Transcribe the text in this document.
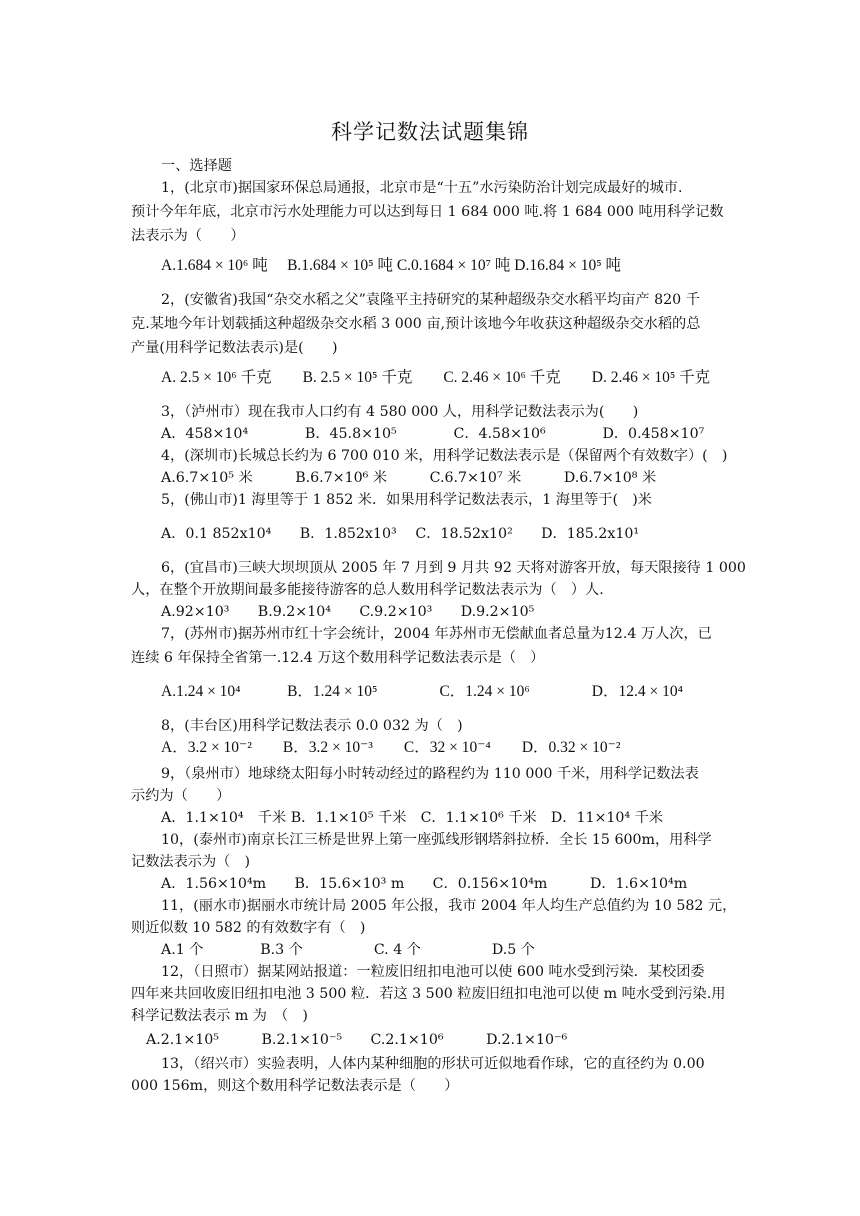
科学记数法试题集锦
一、选择题
1，(北京市)据国家环保总局通报，北京市是“十五”水污染防治计划完成最好的城市.
预计今年年底，北京市污水处理能力可以达到每日 1 684 000 吨.将 1 684 000 吨用科学记数
法表示为（　　）
A.1.684 × 10⁶ 吨　 B.1.684 × 10⁵ 吨 C.0.1684 × 10⁷ 吨 D.16.84 × 10⁵ 吨
2，(安徽省)我国“杂交水稻之父”袁隆平主持研究的某种超级杂交水稻平均亩产 820 千
克.某地今年计划载插这种超级杂交水稻 3 000 亩,预计该地今年收获这种超级杂交水稻的总
产量(用科学记数法表示)是(　　)
A. 2.5 × 10⁶ 千克　　B. 2.5 × 10⁵ 千克　　C. 2.46 × 10⁶ 千克　　D. 2.46 × 10⁵ 千克
3，（泸州市）现在我市人口约有 4 580 000 人，用科学记数法表示为(　　)
A．458×10⁴　　　　B．45.8×10⁵　　　　C．4.58×10⁶　　　　D．0.458×10⁷
4，(深圳市)长城总长约为 6 700 010 米，用科学记数法表示是（保留两个有效数字）(　)
A.6.7×10⁵ 米　　　B.6.7×10⁶ 米　　　C.6.7×10⁷ 米　　　D.6.7×10⁸ 米
5，(佛山市)1 海里等于 1 852 米．如果用科学记数法表示，1 海里等于(　)米
A．0.1 852x10⁴　　B．1.852x10³　 C．18.52x10²　　D．185.2x10¹
6，(宜昌市)三峡大坝坝顶从 2005 年 7 月到 9 月共 92 天将对游客开放，每天限接待 1 000
人，在整个开放期间最多能接待游客的总人数用科学记数法表示为（　）人.
A.92×10³　　B.9.2×10⁴　　C.9.2×10³　　D.9.2×10⁵
7，(苏州市)据苏州市红十字会统计，2004 年苏州市无偿献血者总量为12.4 万人次，已
连续 6 年保持全省第一.12.4 万这个数用科学记数法表示是（　）
A.1.24 × 10⁴　　　B．1.24 × 10⁵　　　　C．1.24 × 10⁶　　　　D．12.4 × 10⁴
8，(丰台区)用科学记数法表示 0.0 032 为（　)
A．3.2 × 10⁻²　　B．3.2 × 10⁻³　　C．32 × 10⁻⁴　　D．0.32 × 10⁻²
9，（泉州市）地球绕太阳每小时转动经过的路程约为 110 000 千米，用科学记数法表
示约为（　　）
A．1.1×10⁴　千米 B．1.1×10⁵ 千米　C．1.1×10⁶ 千米　D．11×10⁴ 千米
10，(泰州市)南京长江三桥是世界上第一座弧线形钢塔斜拉桥．全长 15 600m，用科学
记数法表示为（　)
A．1.56×10⁴m　　B．15.6×10³ m　　C．0.156×10⁴m　　　D．1.6×10⁴m
11，(丽水市)据丽水市统计局 2005 年公报，我市 2004 年人均生产总值约为 10 582 元，
则近似数 10 582 的有效数字有（　)
A.1 个　　　　B.3 个　　　　　C. 4 个　　　　　D.5 个
12，（日照市）据某网站报道：一粒废旧纽扣电池可以使 600 吨水受到污染．某校团委
四年来共回收废旧纽扣电池 3 500 粒．若这 3 500 粒废旧纽扣电池可以使 m 吨水受到污染.用
科学记数法表示 m 为　（　)
A.2.1×10⁵　　　B.2.1×10⁻⁵　　C.2.1×10⁶　　　D.2.1×10⁻⁶
13，（绍兴市）实验表明，人体内某种细胞的形状可近似地看作球，它的直径约为 0.00
000 156m，则这个数用科学记数法表示是（　　）
